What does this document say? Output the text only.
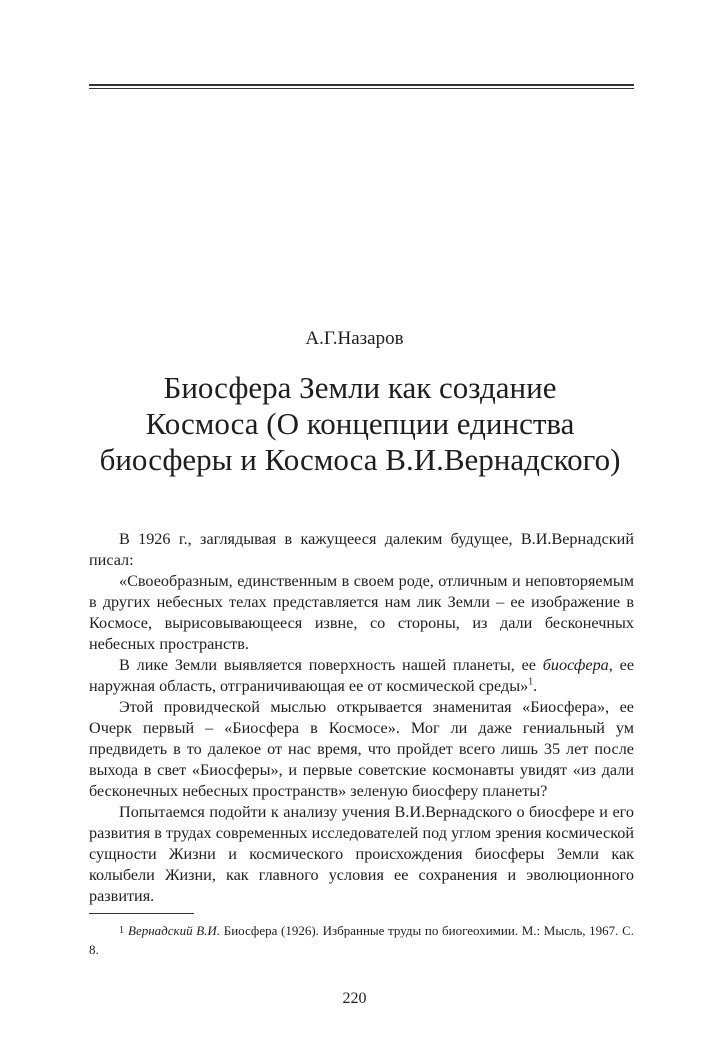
А.Г.Назаров
Биосфера Земли как создание
Космоса (О концепции единства
биосферы и Космоса В.И.Вернадского)

В 1926 г., заглядывая в кажущееся далеким будущее, В.И.Вернадский писал:

«Своеобразным, единственным в своем роде, отличным и неповторяемым в других небесных телах представляется нам лик Земли – ее изображение в Космосе, вырисовывающееся извне, со стороны, из дали бесконечных небесных пространств.

В лике Земли выявляется поверхность нашей планеты, ее биосфера, ее наружная область, отграничивающая ее от космической среды»$^1$.

Этой провидческой мыслью открывается знаменитая «Биосфера», ее Очерк первый – «Биосфера в Космосе». Мог ли даже гениальный ум предвидеть в то далекое от нас время, что пройдет всего лишь 35 лет после выхода в свет «Биосферы», и первые советские космонавты увидят «из дали бесконечных небесных пространств» зеленую биосферу планеты?

Попытаемся подойти к анализу учения В.И.Вернадского о биосфере и его развития в трудах современных исследователей под углом зрения космической сущности Жизни и космического происхождения биосферы Земли как колыбели Жизни, как главного условия ее сохранения и эволюционного развития.

$^1$ Вернадский В.И. Биосфера (1926). Избранные труды по биогеохимии. М.: Мысль, 1967. С. 8.
220
